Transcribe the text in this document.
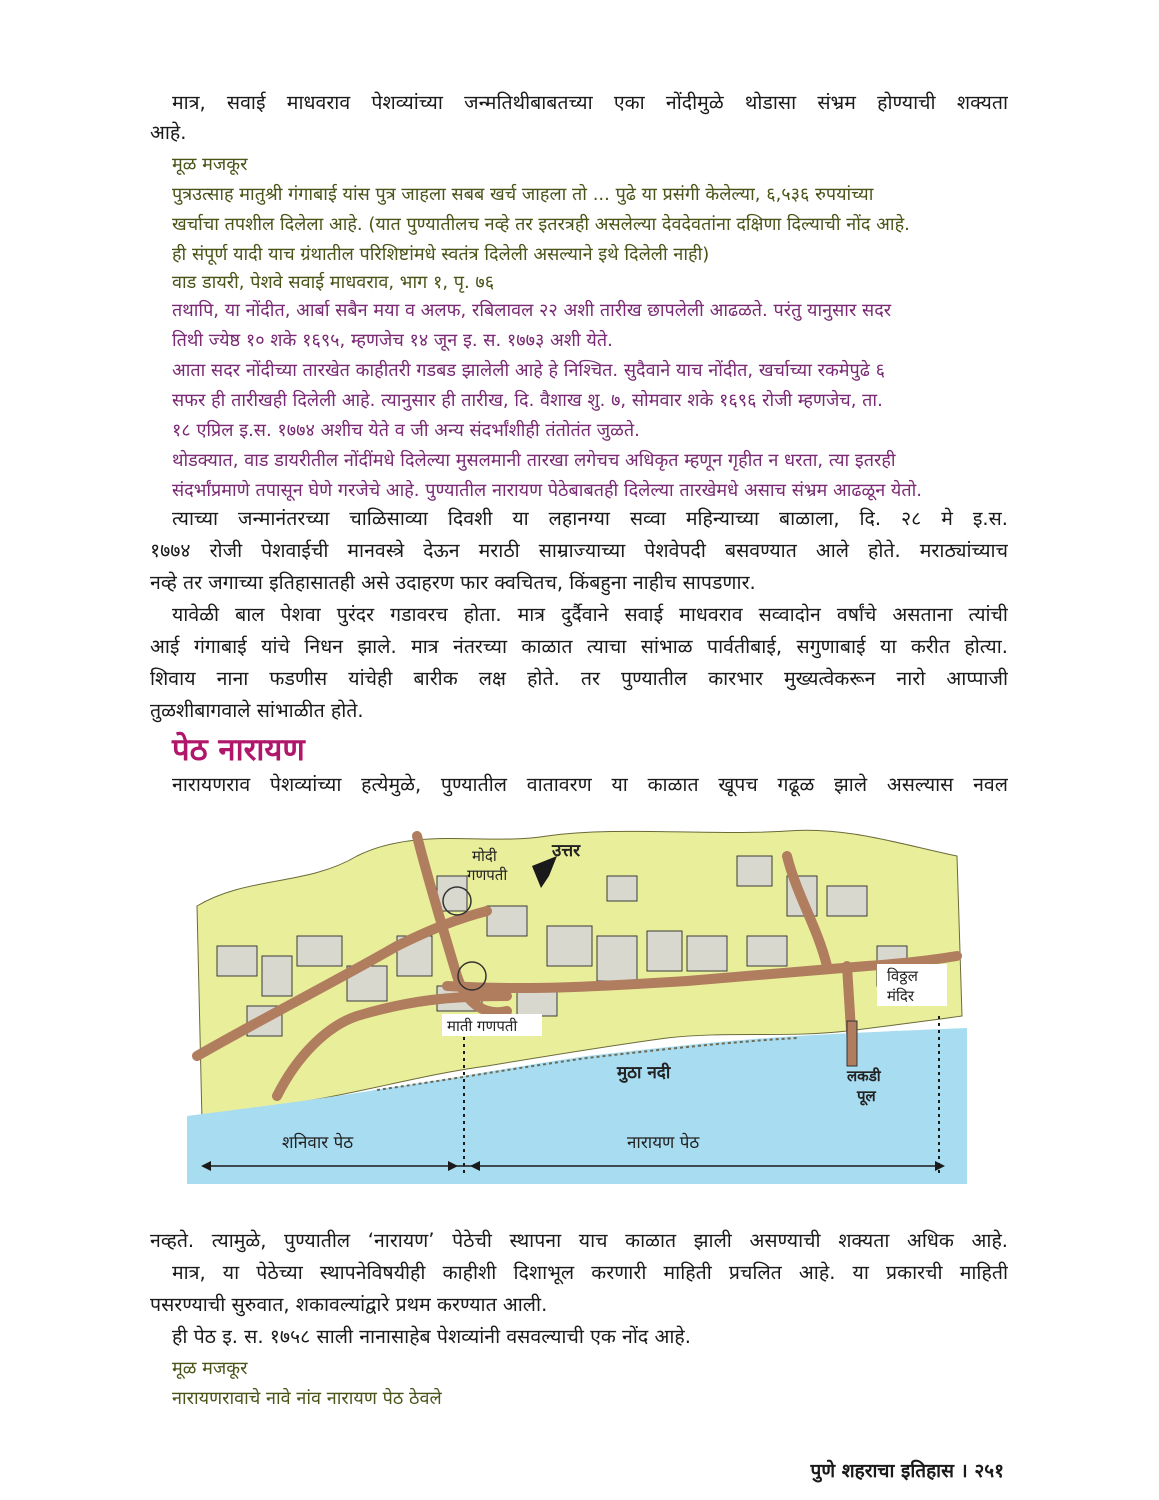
मात्र, सवाई माधवराव पेशव्यांच्या जन्मतिथीबाबतच्या एका नोंदीमुळे थोडासा संभ्रम होण्याची शक्यता
आहे.
मूळ मजकूर
पुत्रउत्साह मातुश्री गंगाबाई यांस पुत्र जाहला सबब खर्च जाहला तो ... पुढे या प्रसंगी केलेल्या, ६,५३६ रुपयांच्या
खर्चाचा तपशील दिलेला आहे. (यात पुण्यातीलच नव्हे तर इतरत्रही असलेल्या देवदेवतांना दक्षिणा दिल्याची नोंद आहे.
ही संपूर्ण यादी याच ग्रंथातील परिशिष्टांमधे स्वतंत्र दिलेली असल्याने इथे दिलेली नाही)
वाड डायरी, पेशवे सवाई माधवराव, भाग १, पृ. ७६
तथापि, या नोंदीत, आर्बा सबैन मया व अलफ, रबिलावल २२ अशी तारीख छापलेली आढळते. परंतु यानुसार सदर
तिथी ज्येष्ठ १० शके १६९५, म्हणजेच १४ जून इ. स. १७७३ अशी येते.
आता सदर नोंदीच्या तारखेत काहीतरी गडबड झालेली आहे हे निश्चित. सुदैवाने याच नोंदीत, खर्चाच्या रकमेपुढे ६
सफर ही तारीखही दिलेली आहे. त्यानुसार ही तारीख, दि. वैशाख शु. ७, सोमवार शके १६९६ रोजी म्हणजेच, ता.
१८ एप्रिल इ.स. १७७४ अशीच येते व जी अन्य संदर्भांशीही तंतोतंत जुळते.
थोडक्यात, वाड डायरीतील नोंदींमधे दिलेल्या मुसलमानी तारखा लगेचच अधिकृत म्हणून गृहीत न धरता, त्या इतरही
संदर्भांप्रमाणे तपासून घेणे गरजेचे आहे. पुण्यातील नारायण पेठेबाबतही दिलेल्या तारखेमधे असाच संभ्रम आढळून येतो.
त्याच्या जन्मानंतरच्या चाळिसाव्या दिवशी या लहानग्या सव्वा महिन्याच्या बाळाला, दि. २८ मे इ.स.
१७७४ रोजी पेशवाईची मानवस्त्रे देऊन मराठी साम्राज्याच्या पेशवेपदी बसवण्यात आले होते. मराठ्यांच्याच
नव्हे तर जगाच्या इतिहासातही असे उदाहरण फार क्वचितच, किंबहुना नाहीच सापडणार.
यावेळी बाल पेशवा पुरंदर गडावरच होता. मात्र दुर्दैवाने सवाई माधवराव सव्वादोन वर्षांचे असताना त्यांची
आई गंगाबाई यांचे निधन झाले. मात्र नंतरच्या काळात त्याचा सांभाळ पार्वतीबाई, सगुणाबाई या करीत होत्या.
शिवाय नाना फडणीस यांचेही बारीक लक्ष होते. तर पुण्यातील कारभार मुख्यत्वेकरून नारो आप्पाजी
तुळशीबागवाले सांभाळीत होते.
पेठ नारायण
नारायणराव पेशव्यांच्या हत्येमुळे, पुण्यातील वातावरण या काळात खूपच गढूळ झाले असल्यास नवल
मोदी
गणपती
उत्तर
विठ्ठल
मंदिर
माती गणपती
मुठा नदी	लकडी
पूल
शनिवार पेठ	नारायण पेठ
नव्हते. त्यामुळे, पुण्यातील ‘नारायण’ पेठेची स्थापना याच काळात झाली असण्याची शक्यता अधिक आहे.
मात्र, या पेठेच्या स्थापनेविषयीही काहीशी दिशाभूल करणारी माहिती प्रचलित आहे. या प्रकारची माहिती
पसरण्याची सुरुवात, शकावल्यांद्वारे प्रथम करण्यात आली.
ही पेठ इ. स. १७५८ साली नानासाहेब पेशव्यांनी वसवल्याची एक नोंद आहे.
मूळ मजकूर
नारायणरावाचे नावे नांव नारायण पेठ ठेवले
पुणे शहराचा इतिहास । २५१
